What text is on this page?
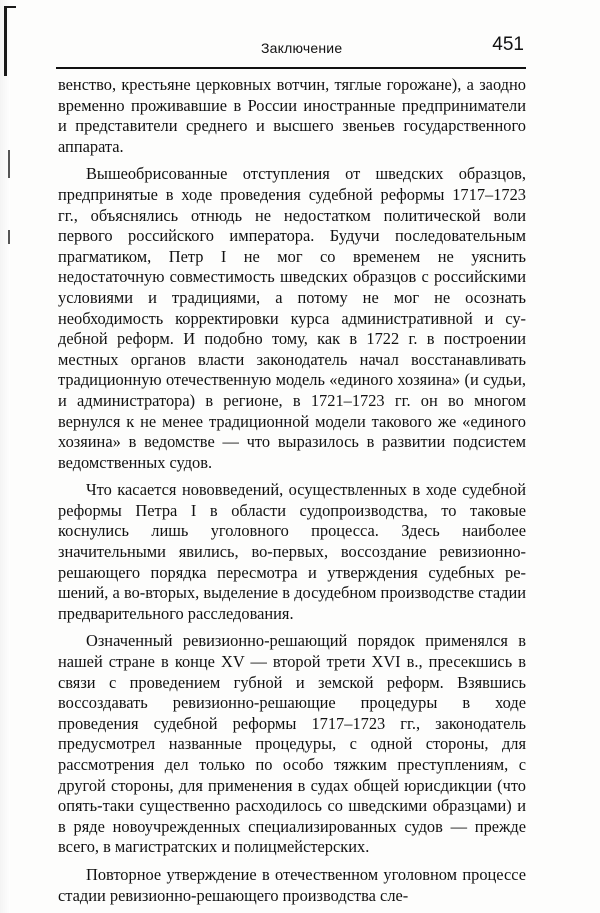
Заключение	451

венство, крестьяне церковных вотчин, тяглые горожане), а заодно временно проживавшие в России иностранные предприниматели и представители среднего и высшего звеньев государственного аппарата.

Вышеобрисованные отступления от шведских образцов, предпринятые в ходе проведения судебной реформы 1717–1723 гг., объяснялись отнюдь не недостатком политической воли первого российского императора. Будучи последовательным прагматиком, Петр I не мог со временем не уяснить недостаточную совместимость шведских образцов с российскими условиями и традициями, а потому не мог не осознать необходимость корректировки курса административной и судебной реформ. И подобно тому, как в 1722 г. в построении местных органов власти законодатель начал восстанавливать традиционную отечественную модель «единого хозяина» (и судьи, и администратора) в регионе, в 1721–1723 гг. он во многом вернулся к не менее традиционной модели такового же «единого хозяина» в ведомстве — что выразилось в развитии подсистем ведомственных судов.

Что касается нововведений, осуществленных в ходе судебной реформы Петра I в области судопроизводства, то таковые коснулись лишь уголовного процесса. Здесь наиболее значительными явились, во-первых, воссоздание ревизионно-решающего порядка пересмотра и утверждения судебных решений, а во-вторых, выделение в досудебном производстве стадии предварительного расследования.

Означенный ревизионно-решающий порядок применялся в нашей стране в конце XV — второй трети XVI в., пресекшись в связи с проведением губной и земской реформ. Взявшись воссоздавать ревизионно-решающие процедуры в ходе проведения судебной реформы 1717–1723 гг., законодатель предусмотрел названные процедуры, с одной стороны, для рассмотрения дел только по особо тяжким преступлениям, с другой стороны, для применения в судах общей юрисдикции (что опять-таки существенно расходилось со шведскими образцами) и в ряде новоучрежденных специализированных судов — прежде всего, в магистратских и полицмейстерских.

Повторное утверждение в отечественном уголовном процессе стадии ревизионно-решающего производства сле-
